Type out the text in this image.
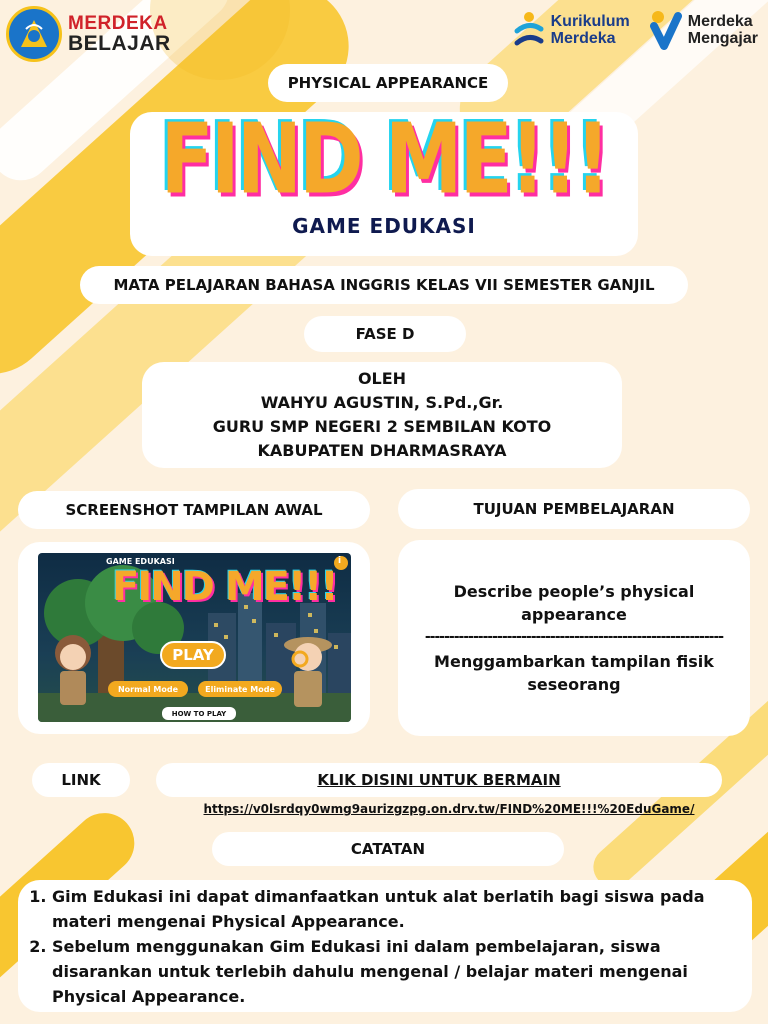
MERDEKA
BELAJAR
Kurikulum
Merdeka
Merdeka
Mengajar
PHYSICAL APPEARANCE
FIND ME!!!
GAME EDUKASI
MATA PELAJARAN BAHASA INGGRIS KELAS VII SEMESTER GANJIL
FASE D
OLEH
WAHYU AGUSTIN, S.Pd.,Gr.
GURU SMP NEGERI 2 SEMBILAN KOTO
KABUPATEN DHARMASRAYA
SCREENSHOT TAMPILAN AWAL	TUJUAN PEMBELAJARAN
GAME EDUKASI
FIND ME!!!
i
PLAY
Normal Mode	Eliminate Mode
HOW TO PLAY
Describe people’s physical appearance
--------------------------------------------------------------
Menggambarkan tampilan fisik seseorang
LINK	KLIK DISINI UNTUK BERMAIN
https://v0lsrdqy0wmg9aurizgzpg.on.drv.tw/FIND%20ME!!!%20EduGame/
CATATAN
1. Gim Edukasi ini dapat dimanfaatkan untuk alat berlatih bagi siswa pada materi mengenai Physical Appearance.
2. Sebelum menggunakan Gim Edukasi ini dalam pembelajaran, siswa disarankan untuk terlebih dahulu mengenal / belajar materi mengenai Physical Appearance.
